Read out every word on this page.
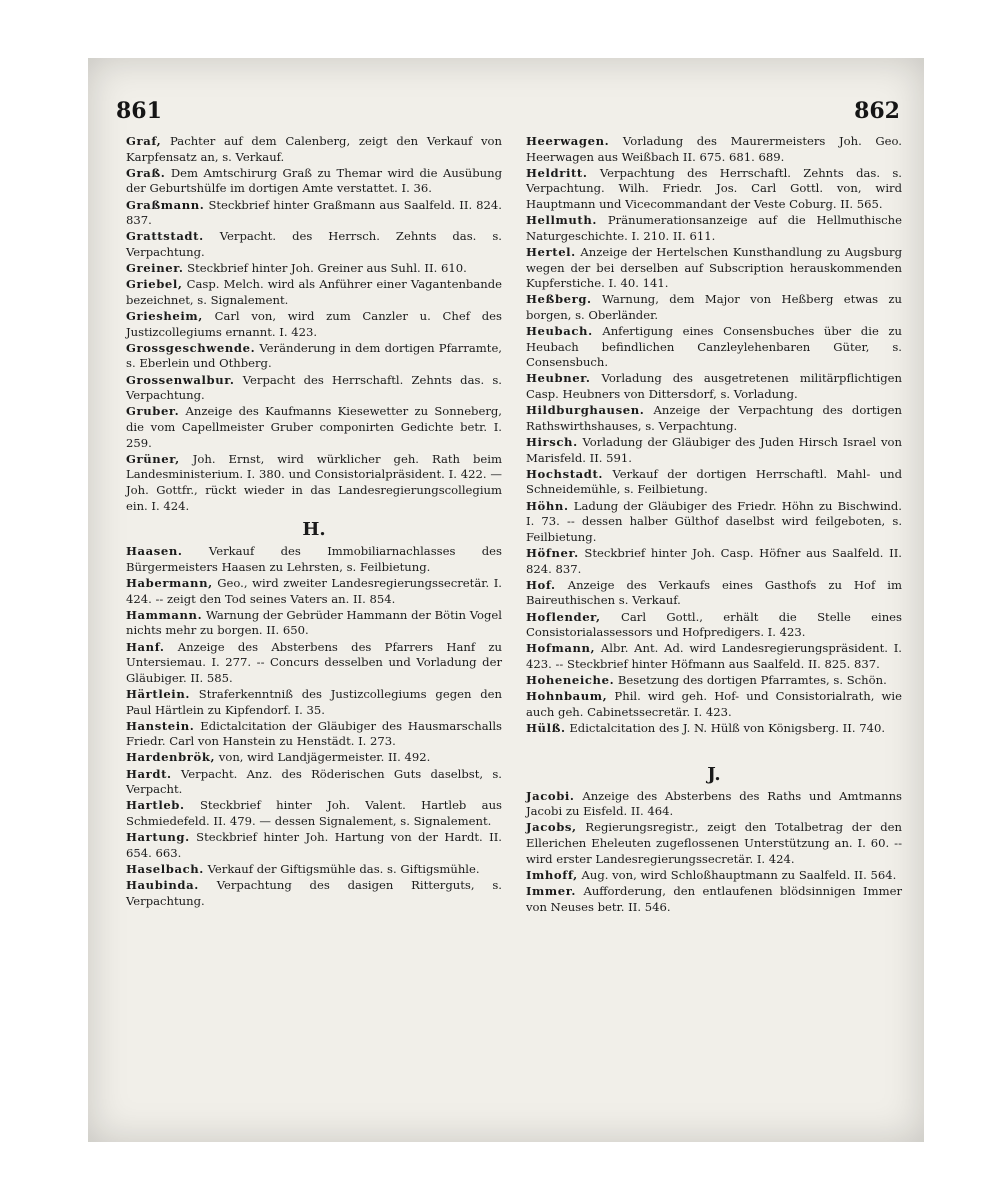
861	862
Graf, Pachter auf dem Calenberg, zeigt den Verkauf von Karpfensatz an, s. Verkauf.
Graß. Dem Amtschirurg Graß zu Themar wird die Ausübung der Geburtshülfe im dortigen Amte verstattet. I. 36.
Graßmann. Steckbrief hinter Graßmann aus Saalfeld. II. 824. 837.
Grattstadt. Verpacht. des Herrsch. Zehnts das. s. Verpachtung.
Greiner. Steckbrief hinter Joh. Greiner aus Suhl. II. 610.
Griebel, Casp. Melch. wird als Anführer einer Vagantenbande bezeichnet, s. Signalement.
Griesheim, Carl von, wird zum Canzler u. Chef des Justizcollegiums ernannt. I. 423.
Grossgeschwende. Veränderung in dem dortigen Pfarramte, s. Eberlein und Othberg.
Grossenwalbur. Verpacht des Herrschaftl. Zehnts das. s. Verpachtung.
Gruber. Anzeige des Kaufmanns Kiesewetter zu Sonneberg, die vom Capellmeister Gruber componirten Gedichte betr. I. 259.
Grüner, Joh. Ernst, wird würklicher geh. Rath beim Landesministerium. I. 380. und Consistorialpräsident. I. 422. — Joh. Gottfr., rückt wieder in das Landesregierungscollegium ein. I. 424.
H.
Haasen. Verkauf des Immobiliarnachlasses des Bürgermeisters Haasen zu Lehrsten, s. Feilbietung.
Habermann, Geo., wird zweiter Landesregierungssecretär. I. 424. -- zeigt den Tod seines Vaters an. II. 854.
Hammann. Warnung der Gebrüder Hammann der Bötin Vogel nichts mehr zu borgen. II. 650.
Hanf. Anzeige des Absterbens des Pfarrers Hanf zu Untersiemau. I. 277. -- Concurs desselben und Vorladung der Gläubiger. II. 585.
Härtlein. Straferkenntniß des Justizcollegiums gegen den Paul Härtlein zu Kipfendorf. I. 35.
Hanstein. Edictalcitation der Gläubiger des Hausmarschalls Friedr. Carl von Hanstein zu Henstädt. I. 273.
Hardenbrök, von, wird Landjägermeister. II. 492.
Hardt. Verpacht. Anz. des Röderischen Guts daselbst, s. Verpacht.
Hartleb. Steckbrief hinter Joh. Valent. Hartleb aus Schmiedefeld. II. 479. — dessen Signalement, s. Signalement.
Hartung. Steckbrief hinter Joh. Hartung von der Hardt. II. 654. 663.
Haselbach. Verkauf der Giftigsmühle das. s. Giftigsmühle.
Haubinda. Verpachtung des dasigen Ritterguts, s. Verpachtung.
Heerwagen. Vorladung des Maurermeisters Joh. Geo. Heerwagen aus Weißbach II. 675. 681. 689.
Heldritt. Verpachtung des Herrschaftl. Zehnts das. s. Verpachtung. Wilh. Friedr. Jos. Carl Gottl. von, wird Hauptmann und Vicecommandant der Veste Coburg. II. 565.
Hellmuth. Pränumerationsanzeige auf die Hellmuthische Naturgeschichte. I. 210. II. 611.
Hertel. Anzeige der Hertelschen Kunsthandlung zu Augsburg wegen der bei derselben auf Subscription herauskommenden Kupferstiche. I. 40. 141.
Heßberg. Warnung, dem Major von Heßberg etwas zu borgen, s. Oberländer.
Heubach. Anfertigung eines Consensbuches über die zu Heubach befindlichen Canzleylehenbaren Güter, s. Consensbuch.
Heubner. Vorladung des ausgetretenen militärpflichtigen Casp. Heubners von Dittersdorf, s. Vorladung.
Hildburghausen. Anzeige der Verpachtung des dortigen Rathswirthshauses, s. Verpachtung.
Hirsch. Vorladung der Gläubiger des Juden Hirsch Israel von Marisfeld. II. 591.
Hochstadt. Verkauf der dortigen Herrschaftl. Mahl- und Schneidemühle, s. Feilbietung.
Höhn. Ladung der Gläubiger des Friedr. Höhn zu Bischwind. I. 73. -- dessen halber Gülthof daselbst wird feilgeboten, s. Feilbietung.
Höfner. Steckbrief hinter Joh. Casp. Höfner aus Saalfeld. II. 824. 837.
Hof. Anzeige des Verkaufs eines Gasthofs zu Hof im Baireuthischen s. Verkauf.
Hoflender, Carl Gottl., erhält die Stelle eines Consistorialassessors und Hofpredigers. I. 423.
Hofmann, Albr. Ant. Ad. wird Landesregierungspräsident. I. 423. -- Steckbrief hinter Höfmann aus Saalfeld. II. 825. 837.
Hoheneiche. Besetzung des dortigen Pfarramtes, s. Schön.
Hohnbaum, Phil. wird geh. Hof- und Consistorialrath, wie auch geh. Cabinetssecretär. I. 423.
Hülß. Edictalcitation des J. N. Hülß von Königsberg. II. 740.
J.
Jacobi. Anzeige des Absterbens des Raths und Amtmanns Jacobi zu Eisfeld. II. 464.
Jacobs, Regierungsregistr., zeigt den Totalbetrag der den Ellerichen Eheleuten zugeflossenen Unterstützung an. I. 60. -- wird erster Landesregierungssecretär. I. 424.
Imhoff, Aug. von, wird Schloßhauptmann zu Saalfeld. II. 564.
Immer. Aufforderung, den entlaufenen blödsinnigen Immer von Neuses betr. II. 546.
